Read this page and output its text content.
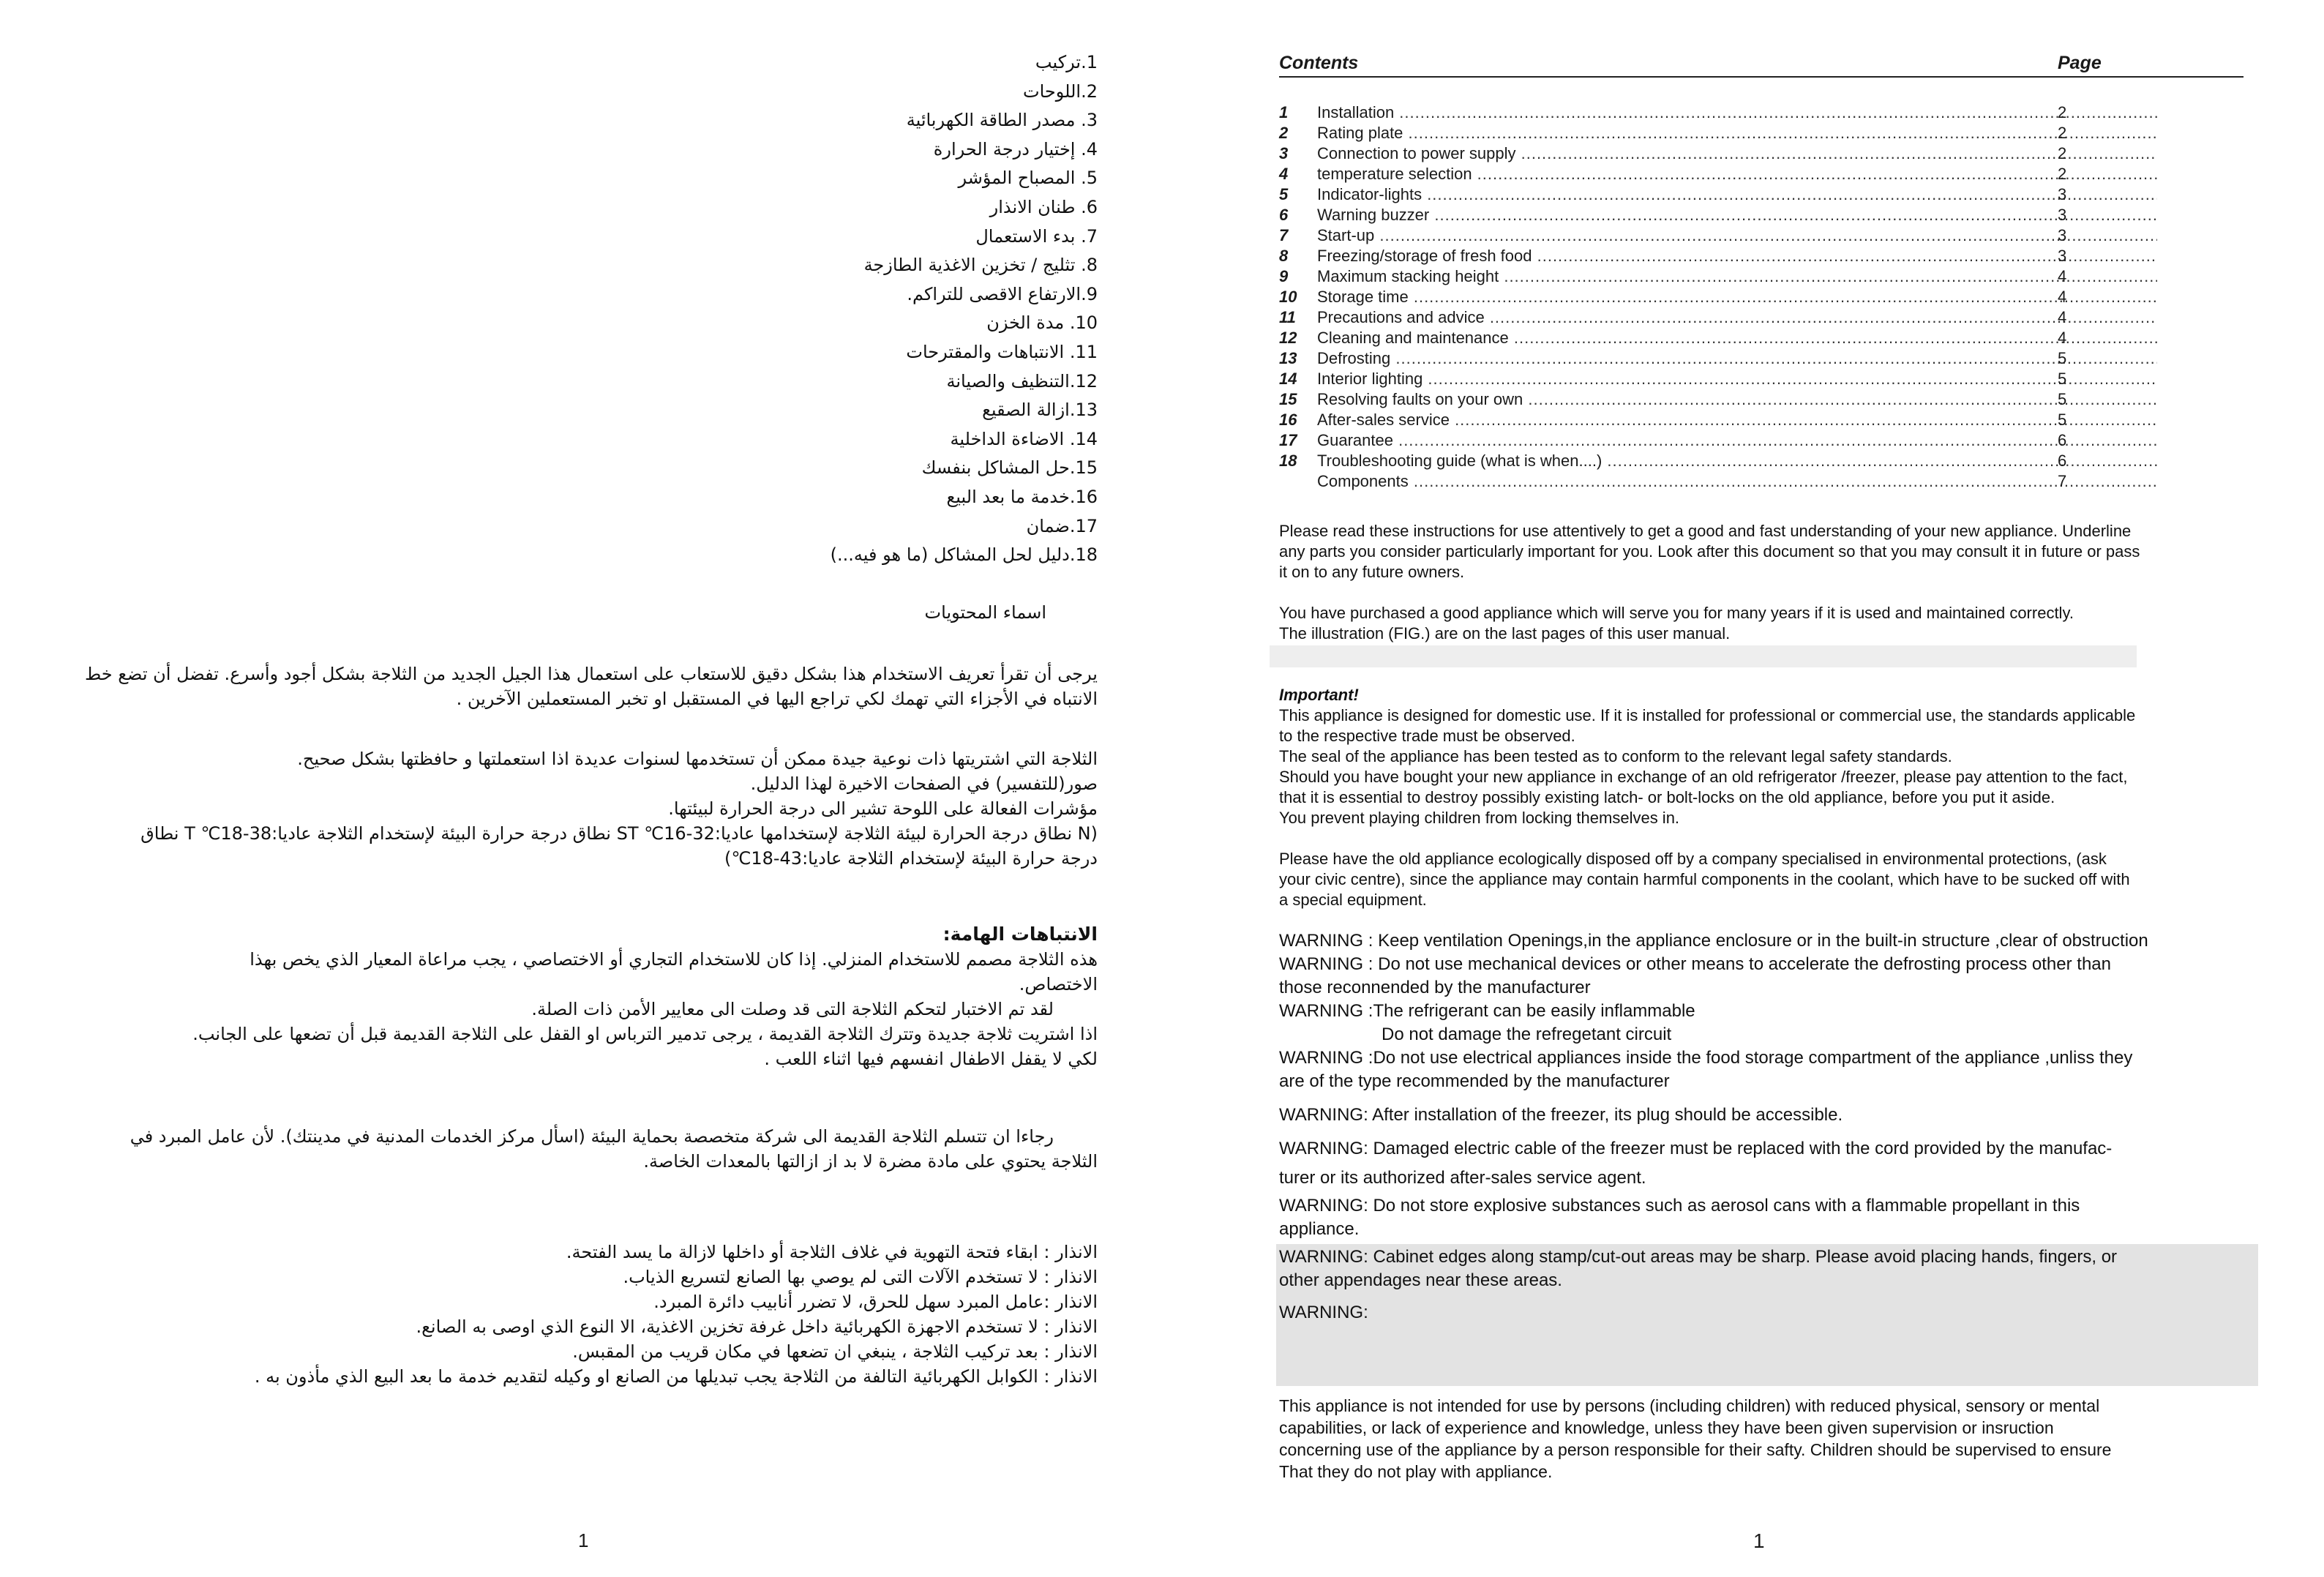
1.تركيب
2.اللوحات
3. مصدر الطاقة الكهربائية
4. إختيار درجة الحرارة
5. المصباح المؤشر
6. طنان الانذار
7. بدء الاستعمال
8. تثليج / تخزين الاغذية الطازجة
9.الارتفاع الاقصى للتراكم.
10. مدة الخزن
11. الانتباهات والمقترحات
12.التنظيف والصيانة
13.ازالة الصقيع
14. الاضاءة الداخلية
15.حل المشاكل بنفسك
16.خدمة ما بعد البيع
17.ضمان
18.دليل لحل المشاكل (ما هو فيه...)
اسماء المحتويات
يرجى أن تقرأ تعريف الاستخدام هذا بشكل دقيق للاستعاب على استعمال هذا الجيل الجديد من الثلاجة بشكل أجود وأسرع. تفضل أن تضع خط
الانتباه في الأجزاء التي تهمك لكي تراجع اليها في المستقبل او تخبر المستعملين الآخرين .
الثلاجة التي اشتريتها ذات نوعية جيدة ممكن أن تستخدمها لسنوات عديدة اذا استعملتها و حافظتها بشكل صحيح.
صور(للتفسير) في الصفحات الاخيرة لهذا الدليل.
مؤشرات الفعالة على اللوحة تشير الى درجة الحرارة لبيئتها.
(N نطاق درجة الحرارة لبيئة الثلاجة لإستخدامها عاديا:32-16℃ ST نطاق درجة حرارة البيئة لإستخدام الثلاجة عاديا:38-18℃ T نطاق
درجة حرارة البيئة لإستخدام الثلاجة عاديا:43-18℃)
الانتباهات الهامة:
هذه الثلاجة مصمم للاستخدام المنزلي. إذا كان للاستخدام التجاري أو الاختصاصي ، يجب مراعاة المعيار الذي يخص بهذا
الاختصاص.
لقد تم الاختبار لتحكم الثلاجة التى قد وصلت الى معايير الأمن ذات الصلة.
اذا اشتريت ثلاجة جديدة وتترك الثلاجة القديمة ، يرجى تدمير الترباس او القفل على الثلاجة القديمة قبل أن تضعها على الجانب.
لكي لا يقفل الاطفال انفسهم فيها اثناء اللعب .
رجاءا ان تتسلم الثلاجة القديمة الى شركة متخصصة بحماية البيئة (اسأل مركز الخدمات المدنية في مدينتك). لأن عامل المبرد في
الثلاجة يحتوي على مادة مضرة لا بد از ازالتها بالمعدات الخاصة.
الانذار : ابقاء فتحة التهوية في غلاف الثلاجة أو داخلها لازالة ما يسد الفتحة.
الانذار : لا تستخدم الآلات التى لم يوصي بها الصانع لتسريع الذياب.
الانذار :عامل المبرد سهل للحرق، لا تضرر أنابيب دائرة المبرد.
الانذار : لا تستخدم الاجهزة الكهربائية داخل غرفة تخزين الاغذية، الا النوع الذي اوصى به الصانع.
الانذار : بعد تركيب الثلاجة ، ينبغي ان تضعها في مكان قريب من المقبس.
الانذار : الكوابل الكهربائية التالفة من الثلاجة يجب تبديلها من الصانع او وكيله لتقديم خدمة ما بعد البيع الذي مأذون به .
1
Contents	Page
1	Installation .....	2
2	Rating plate .....	2
3	Connection to power supply .....	2
4	temperature selection .....	2
5	Indicator-lights .....	3
6	Warning buzzer .....	3
7	Start-up .....	3
8	Freezing/storage of fresh food .....	3
9	Maximum stacking height .....	4
10	Storage time .....	4
11	Precautions and advice .....	4
12	Cleaning and maintenance .....	4
13	Defrosting .....	5
14	Interior lighting .....	5
15	Resolving faults on your own .....	5
16	After-sales service .....	5
17	Guarantee .....	6
18	Troubleshooting guide (what is when....) .....	6
Components .....	7

Please read these instructions for use attentively to get a good and fast understanding of your new appliance. Underline

any parts you consider particularly important for you. Look after this document so that you may consult it in future or pass

it on to any future owners.

You have purchased a good appliance which will serve you for many years if it is used and maintained correctly.

The illustration (FIG.) are on the last pages of this user manual.

Important!

This appliance is designed for domestic use. If it is installed for professional or commercial use, the standards applicable

to the respective trade must be observed.

The seal of the appliance has been tested as to conform to the relevant legal safety standards.

Should you have bought your new appliance in exchange of an old refrigerator /freezer, please pay attention to the fact,

that it is essential to destroy possibly existing latch- or bolt-locks on the old appliance, before you put it aside.

You prevent playing children from locking themselves in.

Please have the old appliance ecologically disposed off by a company specialised in environmental protections, (ask

your civic centre), since the appliance may contain harmful components in the coolant, which have to be sucked off with

a special equipment.

WARNING : Keep ventilation Openings,in the appliance enclosure or in the built-in structure ,clear of obstruction

WARNING : Do not use mechanical devices or other means to accelerate the defrosting process other than

those reconnended by the manufacturer

WARNING :The refrigerant can be easily inflammable

Do not damage the refregetant circuit

WARNING :Do not use electrical appliances inside the food storage compartment of the appliance ,unliss they

are of the type recommended by the manufacturer

WARNING: After installation of the freezer, its plug should be accessible.

WARNING: Damaged electric cable of the freezer must be replaced with the cord provided by the manufac-

turer or its authorized after-sales service agent.

WARNING: Do not store explosive substances such as aerosol cans with a flammable propellant in this

appliance.

WARNING: Cabinet edges along stamp/cut-out areas may be sharp. Please avoid placing hands, fingers, or

other appendages near these areas.

WARNING:

This appliance is not intended for use by persons (including children) with reduced physical, sensory or mental

capabilities, or lack of experience and knowledge, unless they have been given supervision or insruction

concerning use of the appliance by a person responsible for their safty. Children should be supervised to ensure

That they do not play with appliance.

1
